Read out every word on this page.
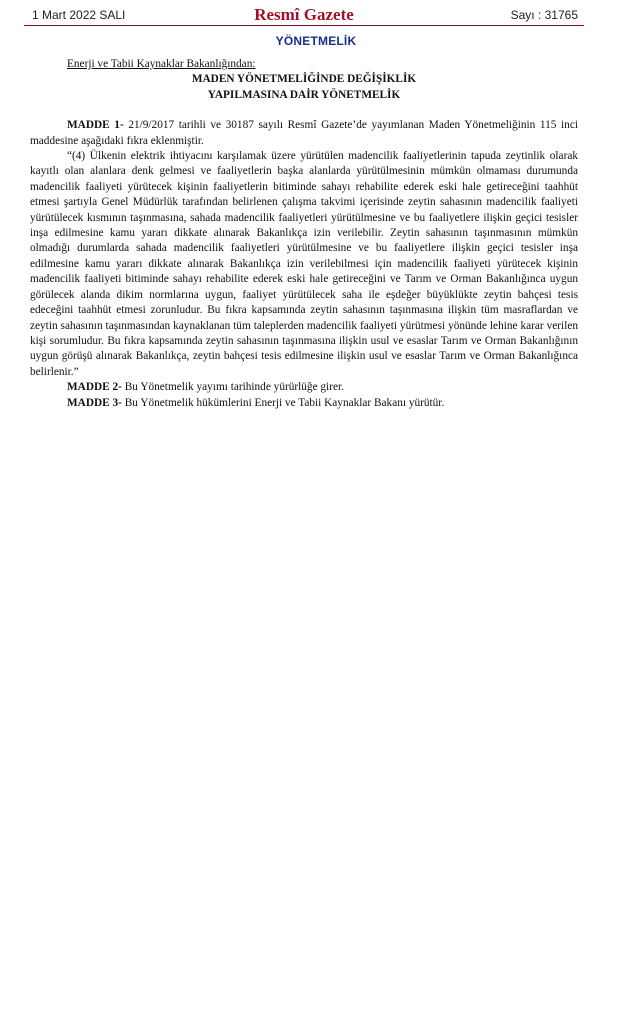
1 Mart 2022 SALI	Resmî Gazete	Sayı : 31765
YÖNETMELİK
Enerji ve Tabii Kaynaklar Bakanlığından:
MADEN YÖNETMELİĞİNDE DEĞİŞİKLİK
YAPILMASINA DAİR YÖNETMELİK

MADDE 1- 21/9/2017 tarihli ve 30187 sayılı Resmî Gazete’de yayımlanan Maden Yönetmeliğinin 115 inci maddesine aşağıdaki fıkra eklenmiştir.

“(4) Ülkenin elektrik ihtiyacını karşılamak üzere yürütülen madencilik faaliyetlerinin tapuda zeytinlik olarak kayıtlı olan alanlara denk gelmesi ve faaliyetlerin başka alanlarda yürütülmesinin mümkün olmaması durumunda madencilik faaliyeti yürütecek kişinin faaliyetlerin bitiminde sahayı rehabilite ederek eski hale getireceğini taahhüt etmesi şartıyla Genel Müdürlük tarafından belirlenen çalışma takvimi içerisinde zeytin sahasının madencilik faaliyeti yürütülecek kısmının taşınmasına, sahada madencilik faaliyetleri yürütülmesine ve bu faaliyetlere ilişkin geçici tesisler inşa edilmesine kamu yararı dikkate alınarak Bakanlıkça izin verilebilir. Zeytin sahasının taşınmasının mümkün olmadığı durumlarda sahada madencilik faaliyetleri yürütülmesine ve bu faaliyetlere ilişkin geçici tesisler inşa edilmesine kamu yararı dikkate alınarak Bakanlıkça izin verilebilmesi için madencilik faaliyeti yürütecek kişinin madencilik faaliyeti bitiminde sahayı rehabilite ederek eski hale getireceğini ve Tarım ve Orman Bakanlığınca uygun görülecek alanda dikim normlarına uygun, faaliyet yürütülecek saha ile eşdeğer büyüklükte zeytin bahçesi tesis edeceğini taahhüt etmesi zorunludur. Bu fıkra kapsamında zeytin sahasının taşınmasına ilişkin tüm masraflardan ve zeytin sahasının taşınmasından kaynaklanan tüm taleplerden madencilik faaliyeti yürütmesi yönünde lehine karar verilen kişi sorumludur. Bu fıkra kapsamında zeytin sahasının taşınmasına ilişkin usul ve esaslar Tarım ve Orman Bakanlığının uygun görüşü alınarak Bakanlıkça, zeytin bahçesi tesis edilmesine ilişkin usul ve esaslar Tarım ve Orman Bakanlığınca belirlenir.”

MADDE 2- Bu Yönetmelik yayımı tarihinde yürürlüğe girer.

MADDE 3- Bu Yönetmelik hükümlerini Enerji ve Tabii Kaynaklar Bakanı yürütür.
